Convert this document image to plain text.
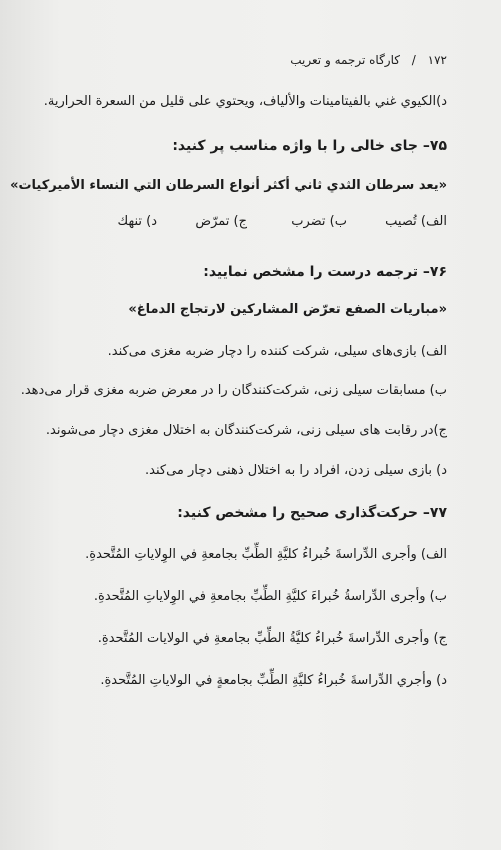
۱۷۲ / کارگاه ترجمه و تعریب
د)الكيوي غني بالفيتامينات والألياف، ويحتوي على قليل من السعرة الحرارية.
۷۵– جای خالی را با واژه مناسب پر کنید:
«يعد سرطان الثدي ثاني أكثر أنواع السرطان التي النساء الأميركيات»
الف) تُصیب
ب) تضرب
ج) تمرّض
د) تنهك
۷۶– ترجمه درست را مشخص نمایید:
«مباريات الصفع تعرّض المشاركين لارتجاج الدماغ»
الف) بازی‌های سیلی، شرکت کننده را دچار ضربه مغزی می‌کند.
ب) مسابقات سیلی زنی، شرکت‌کنندگان را در معرض ضربه مغزی قرار می‌دهد.
ج)در رقابت های سیلی زنی، شرکت‌کنندگان به اختلال مغزی دچار می‌شوند.
د) بازی سیلی زدن، افراد را به اختلال ذهنی دچار می‌کند.
۷۷– حرکت‌گذاری صحیح را مشخص کنید:
الف) وأجرى الدِّراسةَ خُبراءُ كليَّةِ الطِّبِّ بجامعةِ في الوِلاياتِ المُتَّحدةِ.
ب) وأجرى الدِّراسةُ خُبراءَ كليَّةِ الطِّبِّ بجامعةِ في الوِلاياتِ المُتَّحدةِ.
ج) وأجرى الدِّراسةَ خُبراءُ كليَّةُ الطِّبِّ بجامعةِ في الولايات المُتَّحدةِ.
د) وأجري الدِّراسةَ خُبراءُ كليَّةِ الطِّبِّ بجامعةٍ في الولاياتِ المُتَّحدةِ.
